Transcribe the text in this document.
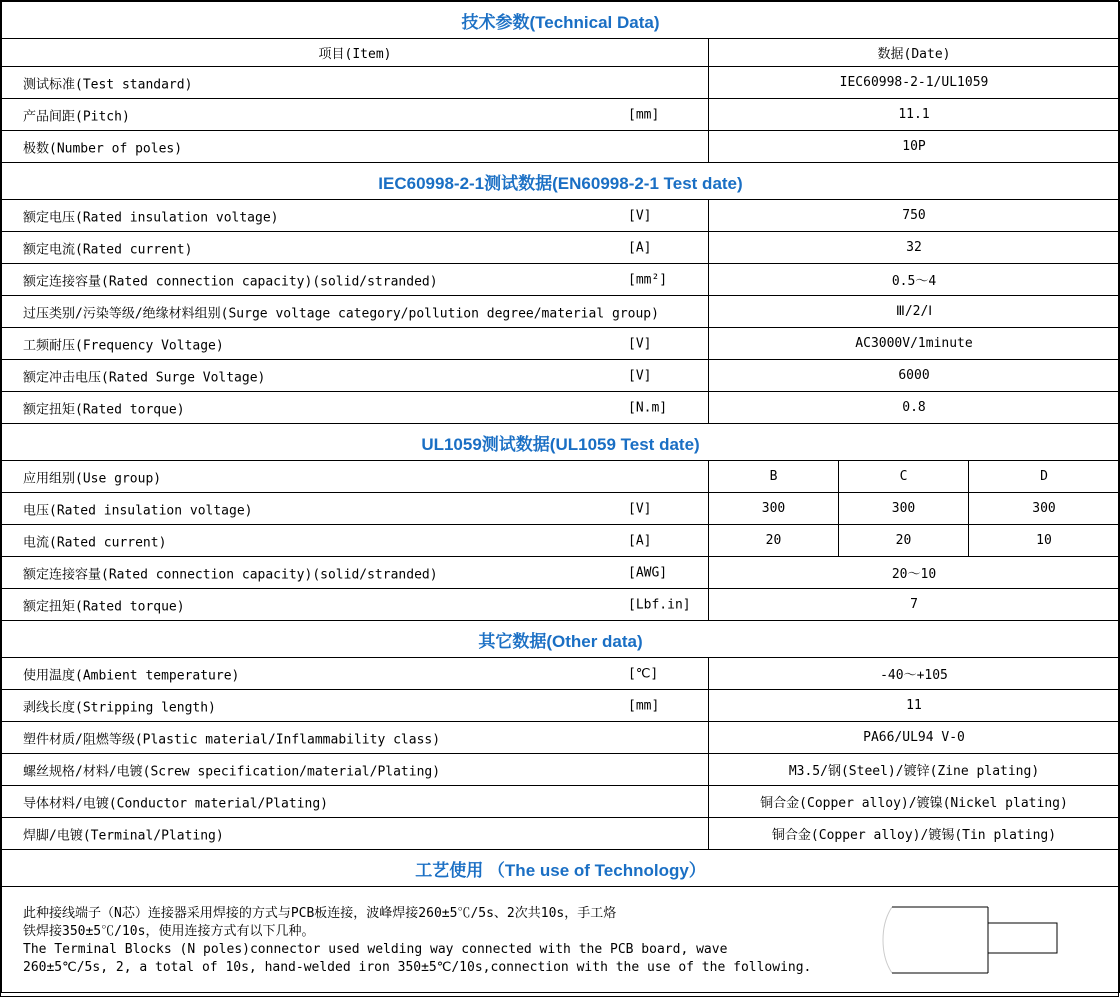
技术参数(Technical Data)			
项目(Item)	数据(Date)		

测试标准(Test standard)	IEC60998-2-1/UL1059		

产品间距(Pitch) [mm]	11.1		

极数(Number of poles)	10P		
IEC60998-2-1测试数据(EN60998-2-1 Test date)			

额定电压(Rated insulation voltage) [V]	750		

额定电流(Rated current) [A]	32		

额定连接容量(Rated connection capacity)(solid/stranded) [mm²]	0.5～4		

过压类别/污染等级/绝缘材料组别(Surge voltage category/pollution degree/material group)	Ⅲ/2/Ⅰ		

工频耐压(Frequency Voltage) [V]	AC3000V/1minute		

额定冲击电压(Rated Surge Voltage) [V]	6000		

额定扭矩(Rated torque) [N.m]	0.8		
UL1059测试数据(UL1059 Test date)			

应用组别(Use group)	B	C	D

电压(Rated insulation voltage) [V]	300	300	300

电流(Rated current) [A]	20	20	10

额定连接容量(Rated connection capacity)(solid/stranded) [AWG]	20～10		

额定扭矩(Rated torque) [Lbf.in]	7		
其它数据(Other data)			

使用温度(Ambient temperature) [℃]	-40～+105		

剥线长度(Stripping length) [mm]	11		

塑件材质/阻燃等级(Plastic material/Inflammability class)	PA66/UL94 V-0		

螺丝规格/材料/电镀(Screw specification/material/Plating)	M3.5/钢(Steel)/镀锌(Zine plating)		

导体材料/电镀(Conductor material/Plating)	铜合金(Copper alloy)/镀镍(Nickel plating)		

焊脚/电镀(Terminal/Plating)	铜合金(Copper alloy)/镀锡(Tin plating)		
工艺使用 （The use of Technology）			

此种接线端子（N芯）连接器采用焊接的方式与PCB板连接，波峰焊接260±5℃/5s、2次共10s，手工烙
铁焊接350±5℃/10s，使用连接方式有以下几种。
The Terminal Blocks (N poles)connector used welding way connected with the PCB board, wave
260±5℃/5s, 2, a total of 10s, hand-welded iron 350±5℃/10s,connection with the use of the following.			
